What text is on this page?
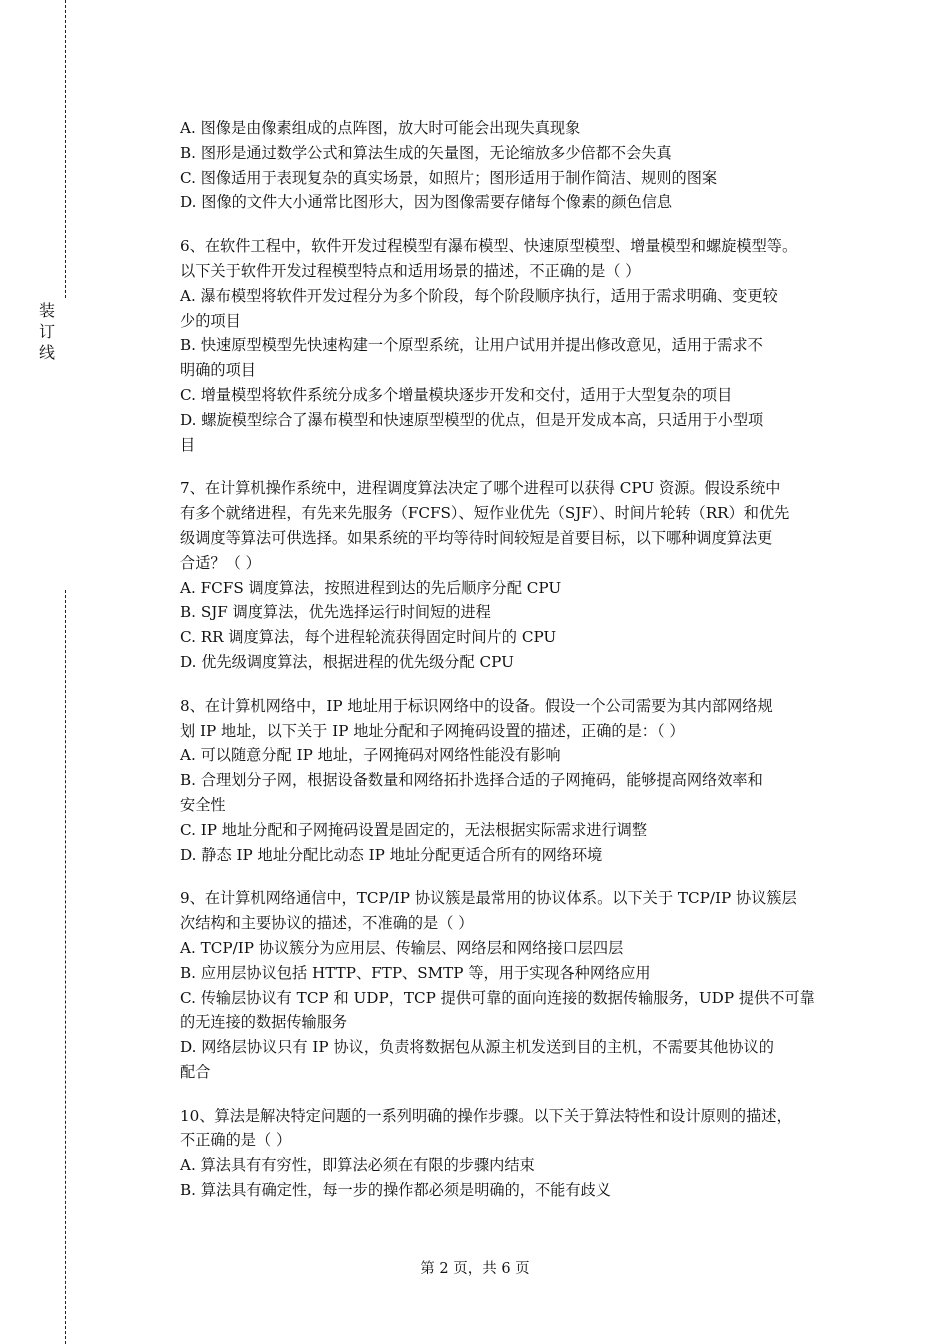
装
订
线
A. 图像是由像素组成的点阵图，放大时可能会出现失真现象
B. 图形是通过数学公式和算法生成的矢量图，无论缩放多少倍都不会失真
C. 图像适用于表现复杂的真实场景，如照片；图形适用于制作简洁、规则的图案
D. 图像的文件大小通常比图形大，因为图像需要存储每个像素的颜色信息
6、在软件工程中，软件开发过程模型有瀑布模型、快速原型模型、增量模型和螺旋模型等。
以下关于软件开发过程模型特点和适用场景的描述，不正确的是（ ）
A. 瀑布模型将软件开发过程分为多个阶段，每个阶段顺序执行，适用于需求明确、变更较
少的项目
B. 快速原型模型先快速构建一个原型系统，让用户试用并提出修改意见，适用于需求不
明确的项目
C. 增量模型将软件系统分成多个增量模块逐步开发和交付，适用于大型复杂的项目
D. 螺旋模型综合了瀑布模型和快速原型模型的优点，但是开发成本高，只适用于小型项
目
7、在计算机操作系统中，进程调度算法决定了哪个进程可以获得 CPU 资源。假设系统中
有多个就绪进程，有先来先服务（FCFS）、短作业优先（SJF）、时间片轮转（RR）和优先
级调度等算法可供选择。如果系统的平均等待时间较短是首要目标，以下哪种调度算法更
合适？（ ）
A. FCFS 调度算法，按照进程到达的先后顺序分配 CPU
B. SJF 调度算法，优先选择运行时间短的进程
C. RR 调度算法，每个进程轮流获得固定时间片的 CPU
D. 优先级调度算法，根据进程的优先级分配 CPU
8、在计算机网络中，IP 地址用于标识网络中的设备。假设一个公司需要为其内部网络规
划 IP 地址，以下关于 IP 地址分配和子网掩码设置的描述，正确的是：（ ）
A. 可以随意分配 IP 地址，子网掩码对网络性能没有影响
B. 合理划分子网，根据设备数量和网络拓扑选择合适的子网掩码，能够提高网络效率和
安全性
C. IP 地址分配和子网掩码设置是固定的，无法根据实际需求进行调整
D. 静态 IP 地址分配比动态 IP 地址分配更适合所有的网络环境
9、在计算机网络通信中，TCP/IP 协议簇是最常用的协议体系。以下关于 TCP/IP 协议簇层
次结构和主要协议的描述，不准确的是（ ）
A. TCP/IP 协议簇分为应用层、传输层、网络层和网络接口层四层
B. 应用层协议包括 HTTP、FTP、SMTP 等，用于实现各种网络应用
C. 传输层协议有 TCP 和 UDP，TCP 提供可靠的面向连接的数据传输服务，UDP 提供不可靠
的无连接的数据传输服务
D. 网络层协议只有 IP 协议，负责将数据包从源主机发送到目的主机，不需要其他协议的
配合
10、算法是解决特定问题的一系列明确的操作步骤。以下关于算法特性和设计原则的描述，
不正确的是（ ）
A. 算法具有有穷性，即算法必须在有限的步骤内结束
B. 算法具有确定性，每一步的操作都必须是明确的，不能有歧义
第 2 页，共 6 页
